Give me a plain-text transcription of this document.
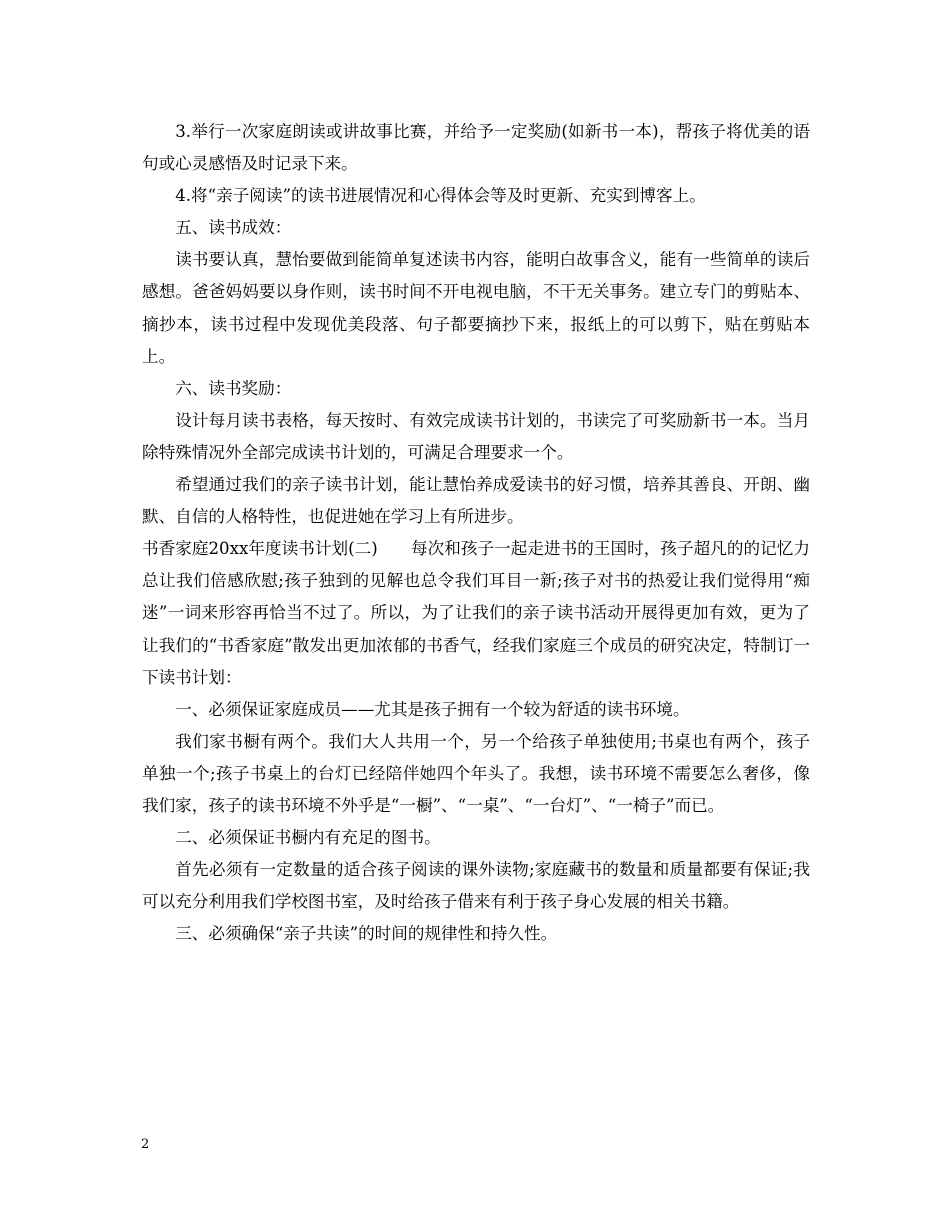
3.举行一次家庭朗读或讲故事比赛，并给予一定奖励(如新书一本)，帮孩子将优美的语句或心灵感悟及时记录下来。

4.将“亲子阅读”的读书进展情况和心得体会等及时更新、充实到博客上。

五、读书成效：

读书要认真，慧怡要做到能简单复述读书内容，能明白故事含义，能有一些简单的读后感想。爸爸妈妈要以身作则，读书时间不开电视电脑，不干无关事务。建立专门的剪贴本、摘抄本，读书过程中发现优美段落、句子都要摘抄下来，报纸上的可以剪下，贴在剪贴本上。

六、读书奖励：

设计每月读书表格，每天按时、有效完成读书计划的，书读完了可奖励新书一本。当月除特殊情况外全部完成读书计划的，可满足合理要求一个。

希望通过我们的亲子读书计划，能让慧怡养成爱读书的好习惯，培养其善良、开朗、幽默、自信的人格特性，也促进她在学习上有所进步。

书香家庭20xx年度读书计划(二)　　每次和孩子一起走进书的王国时，孩子超凡的的记忆力总让我们倍感欣慰;孩子独到的见解也总令我们耳目一新;孩子对书的热爱让我们觉得用“痴迷”一词来形容再恰当不过了。所以，为了让我们的亲子读书活动开展得更加有效，更为了让我们的“书香家庭”散发出更加浓郁的书香气，经我们家庭三个成员的研究决定，特制订一下读书计划：

一、必须保证家庭成员——尤其是孩子拥有一个较为舒适的读书环境。

我们家书橱有两个。我们大人共用一个，另一个给孩子单独使用;书桌也有两个，孩子单独一个;孩子书桌上的台灯已经陪伴她四个年头了。我想，读书环境不需要怎么奢侈，像我们家，孩子的读书环境不外乎是“一橱”、“一桌”、“一台灯”、“一椅子”而已。

二、必须保证书橱内有充足的图书。

首先必须有一定数量的适合孩子阅读的课外读物;家庭藏书的数量和质量都要有保证;我可以充分利用我们学校图书室，及时给孩子借来有利于孩子身心发展的相关书籍。

三、必须确保“亲子共读”的时间的规律性和持久性。

2
